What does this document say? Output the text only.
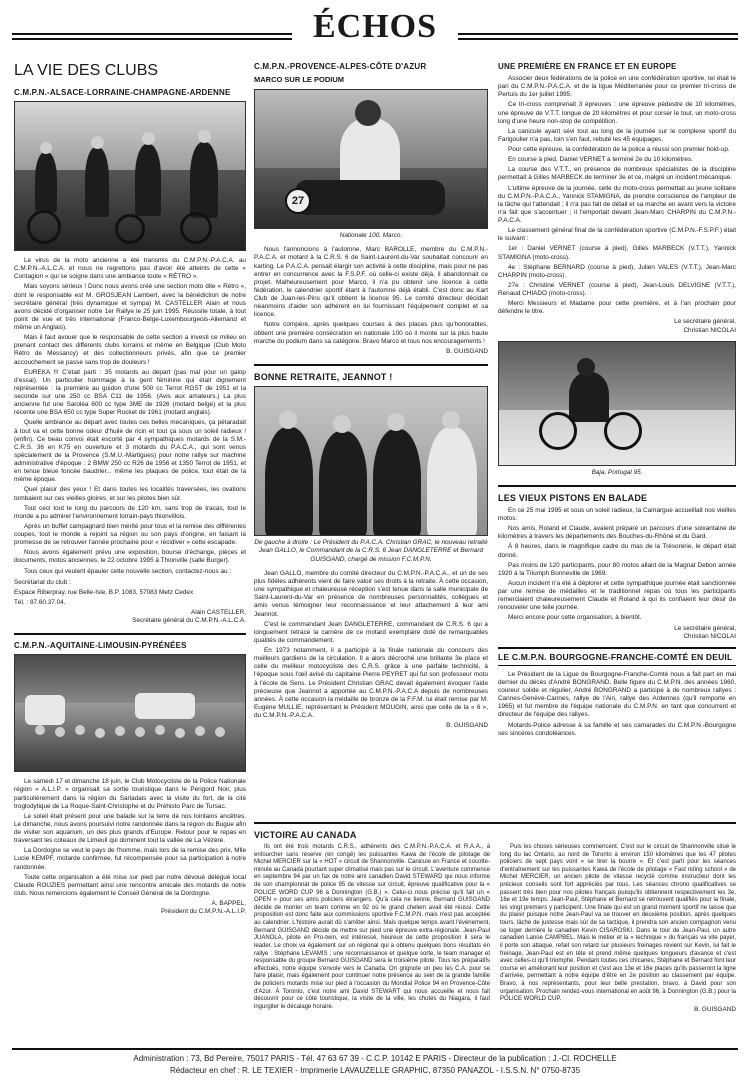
ÉCHOS
LA VIE DES CLUBS
C.M.P.N.-ALSACE-LORRAINE-CHAMPAGNE-ARDENNE

Le virus de la moto ancienne a été transmis du C.M.P.N.-P.A.C.A. au C.M.P.N.-A.L.C.A. et nous ne regrettons pas d'avoir été atteints de cette « Contagion » qui se soigne dans une ambiance toute « RÉTRO ».

Mais soyons sérieux ! Donc nous avons créé une section moto dite « Rétro », dont le responsable est M. GROSJEAN Lambert, avec la bénédiction de notre secrétaire général (très dynamique et sympa) M. CASTELLER Alain et nous avons décidé d'organiser notre 1er Rallye le 25 juin 1995. Réussite totale, à tout point de vue et très international (Franco-Belge-Luxembourgeois-Allemand et même un Anglais).

Mais il faut avouer que le responsable de cette section a investi ce milieu en prenant contact des différents clubs lorrains et même en Belgique (Club Moto Rétro de Messancy) et des collectionneurs privés, afin que ce premier accouchement se passe sans trop de douleurs !

EUREKA !!! C'était parti : 35 motards au départ (pas mal pour un galop d'essai). Un particulier hommage à la gent féminine qui était dignement représentée : la première au guidon d'une 500 cc Terrot RGST de 1951 et la seconde sur une 250 cc BSA C11 de 1956. (Avis aux amateurs.) La plus ancienne fut une Saroléa 600 cc type 3ME de 1926 (motard belge) et la plus récente une BSA 650 cc type Super Rocket de 1961 (motard anglais).

Quelle ambiance au départ avec toutes ces belles mécaniques, ça pétaradait à tout va et cette bonne odeur d'huile de ricin et tout ça sous un soleil radieux ! (enfin). Ce beau convoi était escorté par 4 sympathiques motards de la S.M.-C.R.S. 36 en K75 en ouverture et 3 motards du P.A.C.A., qui sont venus spécialement de la Provence (S.M.U.-Martigues) pour notre rallye sur machine administrative d'époque : 2 BMW 250 cc R26 de 1956 et 1350 Terrot de 1951, et en tenue bleue foncée baudrier... même les plaques de police, tout était de la même époque.

Quel plaisir des yeux ! Et dans toutes les localités traversées, les ovations tombaient sur ces vieilles gloires, et sur les pilotes bien sûr.

Tout ceci tout le long du parcours de 120 km, sans trop de tracas, tout le monde a pu admirer l'environnement lorrain-pays thionvillois.

Après un buffet campagnard bien mérité pour tous et la remise des différentes coupes, tout le monde a rejoint sa région ou son pays d'origine, en faisant la promesse de se retrouver l'année prochaine pour « récidiver » cette escapade.

Nous avons également prévu une exposition, bourse d'échange, pièces et documents, motos anciennes, le 22 octobre 1995 à Thionville (salle Burger).

Tous ceux qui veulent épauler cette nouvelle section, contactez-nous au :

Secrétariat du club :

Espace Riberpray, rue Belle-Isle, B.P. 1083, 57083 Metz Cedex

Tél. : 87.60.37.04.

Alain CASTELLER,
Secrétaire général du C.M.P.N.-A.L.C.A.
C.M.P.N.-AQUITAINE-LIMOUSIN-PYRÉNÉES

Le samedi 17 et dimanche 18 juin, le Club Motocycliste de la Police Nationale région « A.L.I.P. » organisait sa sortie touristique dans le Périgord Noir, plus particulièrement dans la région du Sarladais avec la visite du fort, de la cité troglodytique de La Roque-Saint-Christophe et du Préhisto Parc de Tursac.

Le soleil était présent pour une balade sur la terre de nos lointains ancêtres. Le dimanche, nous avons poursuivi notre randonnée dans la région du Bugue afin de visiter son aquarium, un des plus grands d'Europe. Retour pour le repas en traversant les coteaux de Limeuil qui dominent tout la vallée de La Vézère.

La Dordogne se veut le pays de l'homme, mais lors de la remise des prix, Mlle Lucie KEMPF, motarde confirmée, fut récompensée pour sa participation à notre randonnée.

Toute cette organisation a été mise sur pied par notre dévoué délégué local Claude ROUZIES permettant ainsi une rencontre amicale des motards de notre club. Nous remercions également le Conseil Général de la Dordogne.

A. BAPPEL,
Président du C.M.P.N.-A.L.I.P.
C.M.P.N.-PROVENCE-ALPES-CÔTE D'AZUR
MARCO SUR LE PODIUM
27
Nationale 100. Marco.

Nous l'annoncions à l'automne, Marc BAROLLE, membre du C.M.P.N.-P.A.C.A. et motard à la C.R.S. 6 de Saint-Laurent-du-Var souhaitait concourir en karting. Le P.A.C.A. pensait élargir son activité à cette discipline, mais pour ne pas entrer en concurrence avec la F.S.P.F. où celle-ci existe déjà, il abandonnait ce projet. Malheureusement pour Marco, il n'a pu obtenir une licence à cette fédération, le calendrier sportif étant à l'automne déjà établi. C'est donc au Kart Club de Juan-les-Pins qu'il obtient la licence 95. Le comité directeur décidait néanmoins d'aider son adhérent en lui fournissant l'équipement complet et sa licence.

Notre compère, après quelques courses à des places plus qu'honorables, obtient une première consécration en nationale 100 où il monte sur la plus haute marche du podium dans sa catégorie. Bravo Marco et tous nos encouragements !

B. GUISGAND
BONNE RETRAITE, JEANNOT !
De gauche à droite : Le Président du P.A.C.A. Christian GRAC, le nouveau retraité Jean GALLO, le Commandant de la C.R.S. 6 Jean DANGLETERRE et Bernard GUISGAND, chargé de mission F.C.M.P.N.

Jean GALLO, membre du comité directeur du C.M.P.N.-P.A.C.A., et un de ses plus fidèles adhérents vient de faire valoir ses droits à la retraite. À cette occasion, une sympathique et chaleureuse réception s'est tenue dans la salle municipale de Saint-Laurent-du-Var en présence de nombreuses personnalités, collègues et amis venus témoigner leur reconnaissance et leur attachement à leur ami Jeannot.

C'est le commandant Jean DANGLETERRE, commandant de C.R.S. 6 qui a longuement retracé la carrière de ce motard exemplaire doté de remarquables qualités de commandement.

En 1973 notamment, il a participé à la finale nationale du concours des meilleurs gardiens de la circulation. Il a alors décroché une brillante 3e place et celle du meilleur motocycliste des C.R.S. grâce à une parfaite technicité, à l'époque sous l'œil avisé du capitaine Pierre PEYRET qui fut son professeur moto à l'école de Sens. Le Président Christian GRAC devait également évoquer l'aide précieuse que Jeannot a apportée au C.M.P.N.-P.A.C.A depuis de nombreuses années. À cette occasion la médaille de bronze de la F.F.M. lui était remise par M. Eugène MULLIE, représentant le Président MOUGIN, ainsi que celle de la « 6 », du C.M.P.N.-P.A.C.A.

B. GUISGAND
UNE PREMIÈRE EN FRANCE ET EN EUROPE

Associer deux fédérations de la police en une confédération sportive, tel était le pari du C.M.P.N.-P.A.C.A. et de la ligue Méditerranée pour ce premier tri-cross de Pertuis du 1er juillet 1995.

Ce tri-cross comprenait 3 épreuves : une épreuve pédestre de 10 kilomètres, une épreuve de V.T.T. longue de 20 kilomètres et pour corser le tout, un moto-cross long d'une heure non-stop de compétition.

La canicule ayant sévi tout au long de la journée sur le complexe sportif du Farigoulier n'a pas, loin s'en faut, rebuté les 45 équipages.

Pour cette épreuve, la confédération de la police a réussi son premier hold-up.

En course à pied, Daniel VERNET a terminé 2e du 10 kilomètres.

La course des V.T.T., en présence de nombreux spécialistes de la discipline permettait à Gilles MARBECK de terminer 3e et ce, malgré un incident mécanique.

L'ultime épreuve de la journée, celle du moto-cross permettait au jeune solitaire du C.M.P.N.-P.A.C.A., Yannick STAMIGNA, de prendre conscience de l'ampleur de la tâche qui l'attendait ; il n'a pas fait de détail et sa marche en avant vers la victoire n'a fait que s'accentuer ; il l'emportait devant Jean-Marc CHARPIN du C.M.P.N.-P.A.C.A.

Le classement général final de la confédération sportive (C.M.P.N.-F.S.P.F.) était le suivant :

1er : Daniel VERNET (course à pied), Gilles MARBECK (V.T.T.), Yannick STAMIGNA (moto-cross).

4e : Stéphane BERNARD (course à pied), Julien VALES (V.T.T.), Jean-Marc CHARPIN (moto-cross).

27e : Christine VERNET (course à pied), Jean-Louis DELVIGNE (V.T.T.), Renaud CHIADO (moto-cross).

Merci Messieurs et Madame pour cette première, et à l'an prochain pour défendre le titre.

Le secrétaire général,
Christian NICOLAI
Baja, Portugal 95.
LES VIEUX PISTONS EN BALADE

En ce 25 mai 1995 et sous un soleil radieux, la Camargue accueillait nos vieilles motos.

Nos amis, Roland et Claude, avaient préparé un parcours d'une soixantaine de kilomètres à travers les départements des Bouches-du-Rhône et du Gard.

À 8 heures, dans le magnifique cadre du mas de la Trésorerie, le départ était donné.

Pas moins de 120 participants, pour 80 motos allant de la Magnat Debon année 1920 à la Triumph Bonneville de 1969.

Aucun incident n'a été à déplorer et cette sympathique journée était sanctionnée par une remise de médailles et le traditionnel repas où tous les participants remerciaient chaleureusement Claude et Roland à qui ils confiaient leur désir de renouveler une telle journée.

Merci encore pour cette organisation, à bientôt.

Le secrétaire général,
Christian NICOLAI
LE C.M.P.N. BOURGOGNE-FRANCHE-COMTÉ EN DEUIL

Le Président de la Ligue de Bourgogne-Franche-Comté nous a fait part en mai dernier du décès d'André BONGRAND. Belle figure du C.M.P.N. des années 1960, coureur solide et régulier, André BONGRAND a participé à de nombreux rallyes : Cannes-Genève-Cannes, rallye de l'Ain, rallye des Ardennes (qu'il remporte en 1965) et fut membre de l'équipe nationale du C.M.P.N. en tant que concurrent et directeur de l'équipe des rallyes.

Motards-Police adresse à sa famille et ses camarades du C.M.P.N.-Bourgogne ses sincères condoléances.

VICTOIRE AU CANADA

Ils ont été trois motards C.R.S., adhérents des C.M.P.N.-P.A.C.A. et R.A.A., à enfourcher sans réserve (en congé) les puissantes Kawa de l'école de pilotage de Michel MERCIER sur la « HOT » circuit de Shannonville. Canicule en France et cocotte-minute au Canada pourtant super climatisé mais pas sur le circuit. L'aventure commence en septembre 94 par un fax de notre ami canadien David STEWARD qui nous informe de son championnat de police 95 de vitesse sur circuit, épreuve qualificative pour la « POLICE WORD CUP 96 à Donnington (G.B.) ». Celui-ci nous précise qu'il fait un « OPEN » pour ses amis policiers étrangers. Qu'à cela ne tienne, Bernard GUISGAND décide de monter un team comme en 92 où le grand chelem avait été réussi. Cette proposition est donc faite aux commissions sportive F.C.M.P.N. mais n'est pas acceptée au calendrier. L'histoire aurait dû s'arrêter ainsi. Mais quelque temps avant l'événement, Bernard GUISGAND décide de mettre sur pied une épreuve extra-régionale. Jean-Paul JUANOLA, pilote en Pro-twin, est intéressé, heureux de cette proposition il sera le leader. Le choix va également sur un régional qui a obtenu quelques bons résultats en rallye : Stéphane LEVAMIS ; une reconnaissance et quelque sorte, le team manager et responsable du groupe Bernard GUISGAND sera le troisième pilote. Tous les préparatifs effectués, notre équipe s'envole vers le Canada. On grignote un peu les C.A. pour se faire plaisir, mais également pour continuer notre présence au sein de la grande famille de policiers motards mise sur pied à l'occasion du Mondial Police 94 en Provence-Côte d'Azur. À Toronto, c'est notre ami David STEWART qui nous accueille et nous fait découvrir pour ce côté touristique, la visite de la ville, les chutes du Niagara, il faut ingurgiter le décalage horaire.

Puis les choses sérieuses commencent. C'est sur le circuit de Shannonville situé le long du lac Ontario, au nord de Toronto à environ 150 kilomètres que les 47 pilotes policiers de sept pays vont « se tirer la bourre ». Et c'est parti pour les séances d'entraînement sur les puissantes Kawa de l'école de pilotage « Fast riding school » de Michel MERCIER, un ancien pilote de vitesse recyclé comme instructeur dont les précieux conseils sont fort appréciés par tous. Les séances chrono qualificatives se passent très bien pour nos pilotes français puisqu'ils obtiennent respectivement les 3e, 16e et 19e temps. Jean-Paul, Stéphane et Bernard se retrouvent qualifiés pour la finale, les vingt premiers y participent. Une finale qui est un grand moment sportif ne laisse que du plaisir puisque notre Jean-Paul va se trouver en deuxième position, après quelques tours, lâché de justesse mais sûr de sa tactique, il prendra son ancien compagnon venu se loger derrière le canadien Kevin CISAROSKI. Dans le tour de Jean-Paul, un autre canadien Lanoe CAMPBEL. Mais le métier et la « technique » du français va vite payer, il porte son attaque, refait son retard sur plusieurs freinages revient sur Kevin, lui fait le freinage, Jean-Paul est en tête et prend même quelques longueurs d'avance et c'est avec celles-ci qu'il triomphe. Pendant toutes ces chicanes, Stéphane et Bernard font leur course en améliorant leur position et c'est aux 13e et 16e places qu'ils passeront la ligne d'arrivée, permettant à notre équipe d'être en 2e position au classement par équipe. Bravo, à nos représentants, pour leur belle prestation, bravo, à David pour son organisation. Prochain rendez-vous international en août 96, à Donnington (G.B.) pour la POLICE WORLD CUP.

B. GUISGAND
Administration : 73, Bd Pereire, 75017 PARIS - Tél. 47 63 67 39 - C.C.P. 10142 E PARIS - Directeur de la publication : J.-Cl. ROCHELLE
Rédacteur en chef : R. LE TEXIER - Imprimerie LAVAUZELLE GRAPHIC, 87350 PANAZOL - I.S.S.N. N° 0750-8735
